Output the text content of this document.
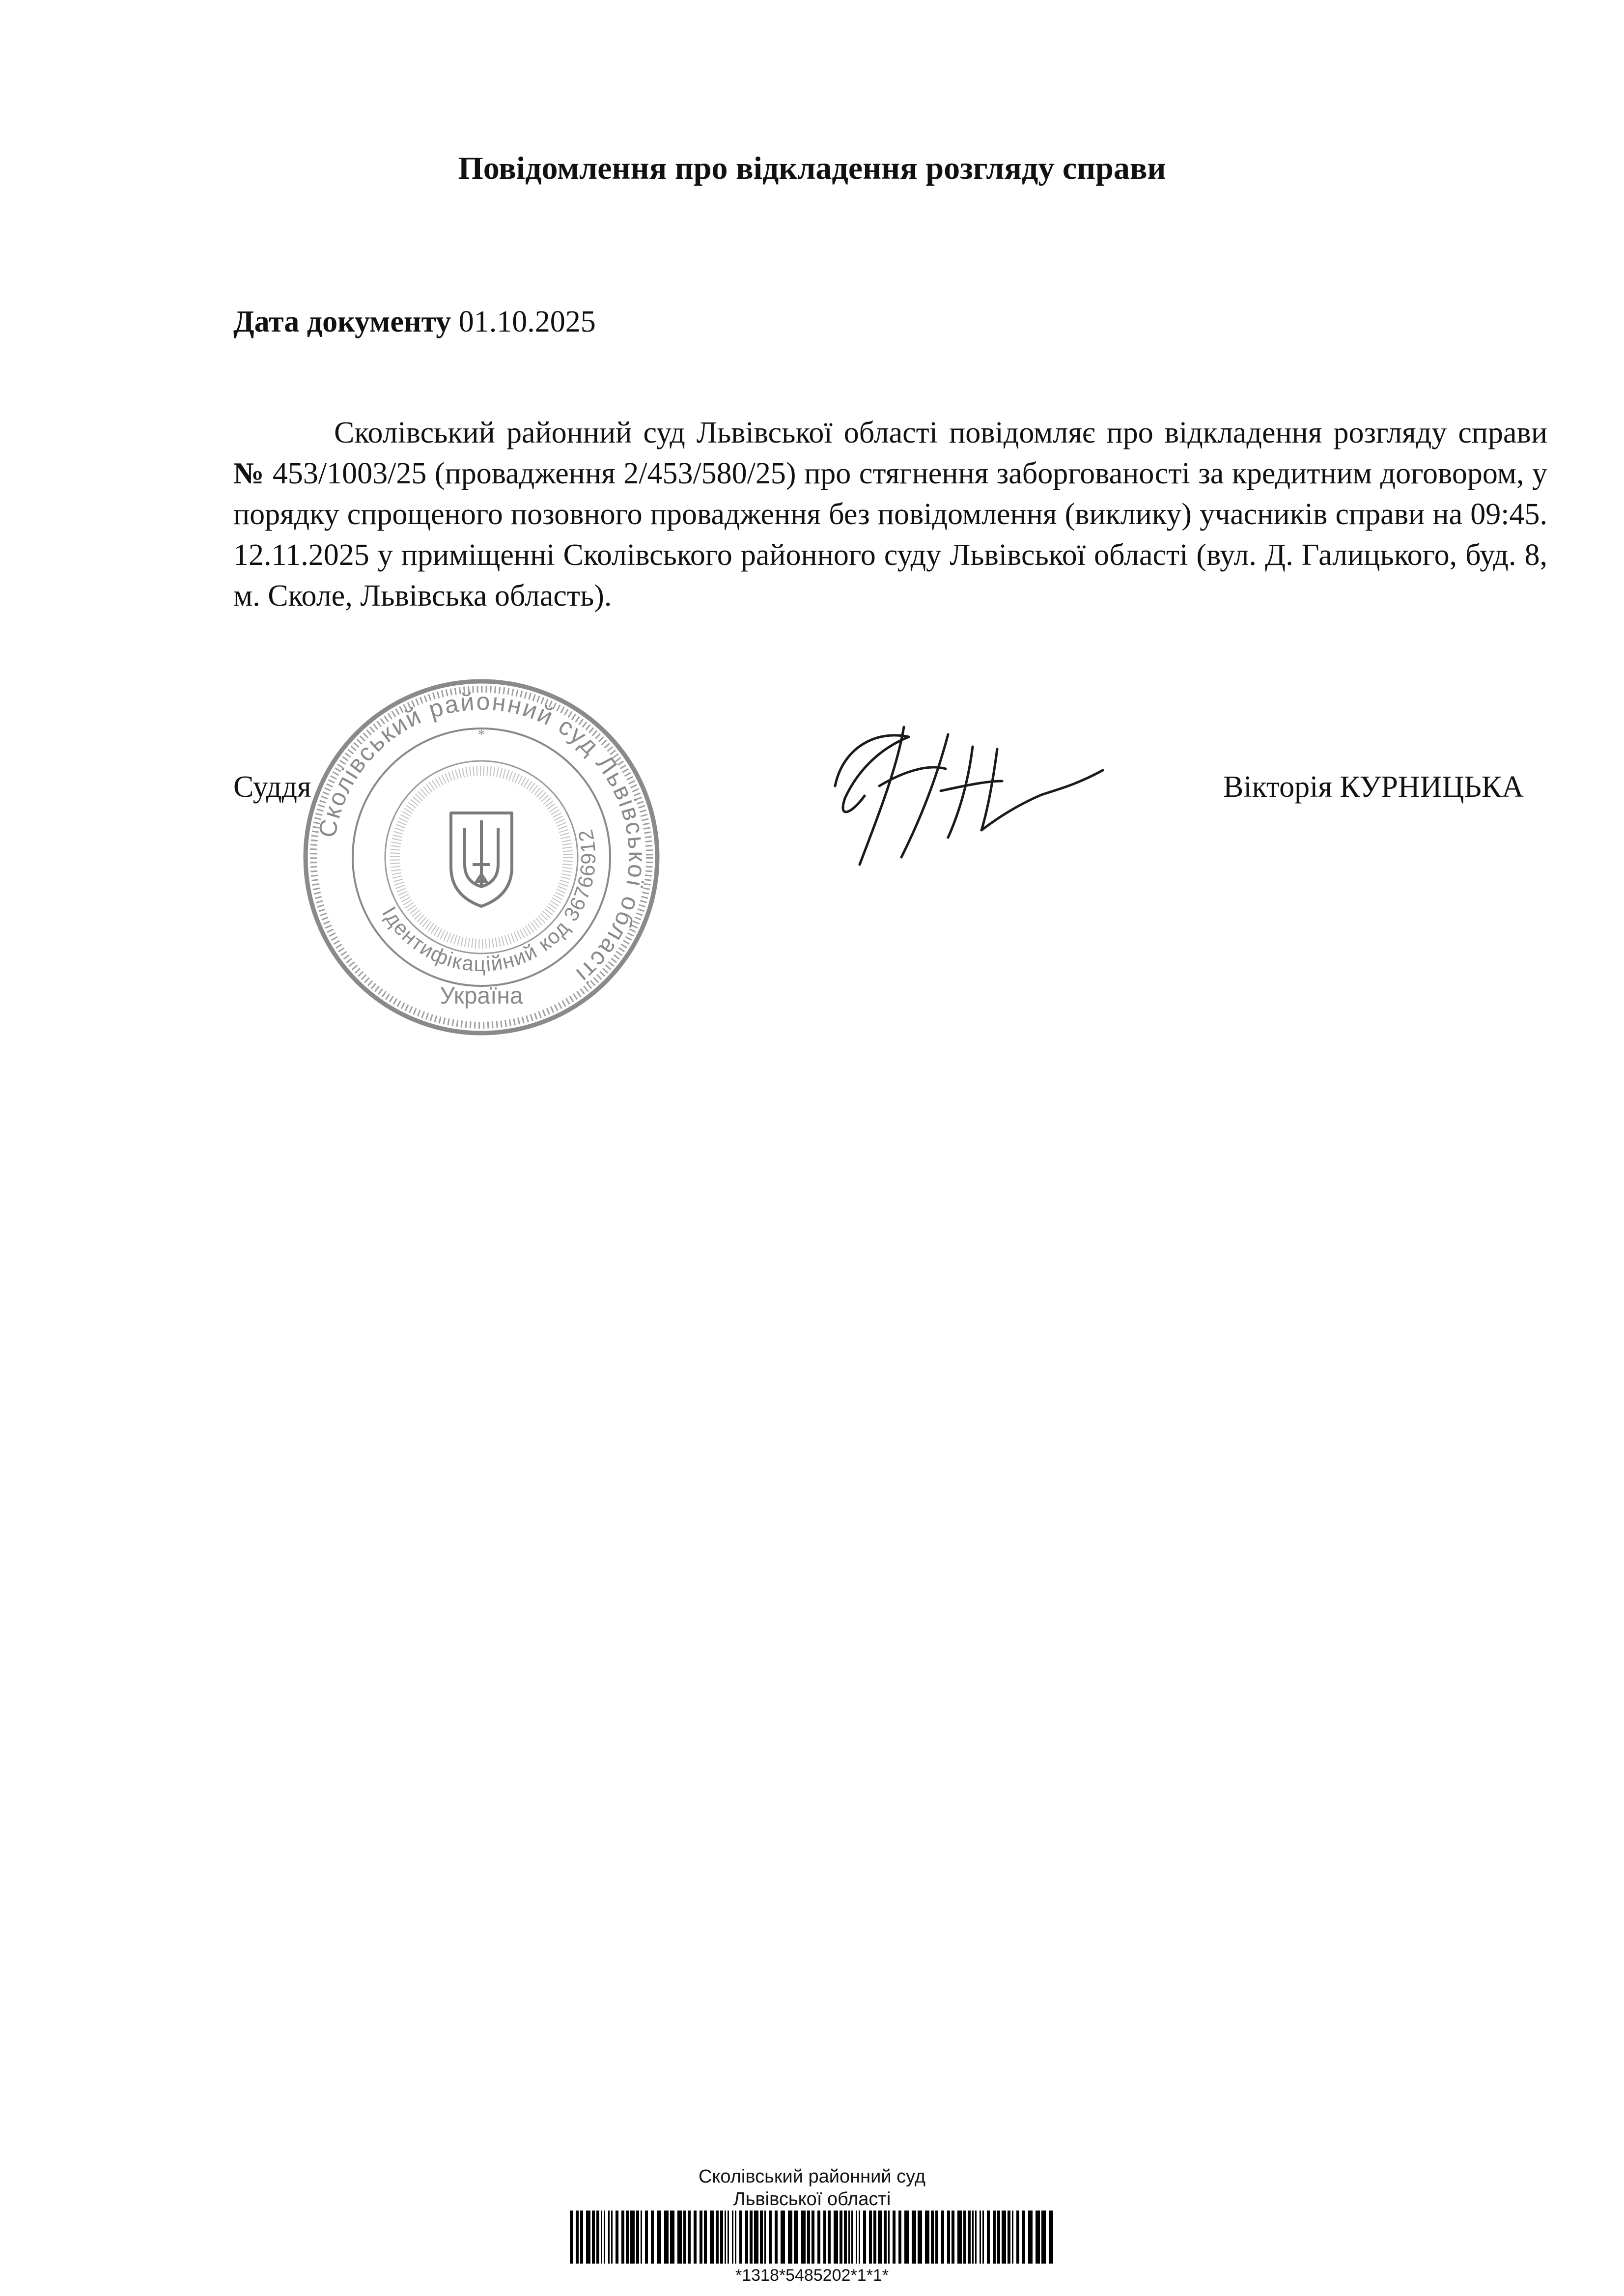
Повідомлення про відкладення розгляду справи
Дата документу 01.10.2025
Сколівський районний суд Львівської області повідомляє про відкладення розгляду справи № 453/1003/25 (провадження 2/453/580/25) про стягнення заборгованості за кредитним договором, у порядку спрощеного позовного провадження без повідомлення (виклику) учасників справи на 09:45. 12.11.2025 у приміщенні Сколівського районного суду Львівської області (вул. Д. Галицького, буд. 8, м. Сколе, Львівська область).
Суддя
Сколівський районний суд Львівської області
Ідентифікаційний код 36766912
Україна
*
Вікторія КУРНИЦЬКА
Сколівський районний суд
Львівської області
*1318*5485202*1*1*
